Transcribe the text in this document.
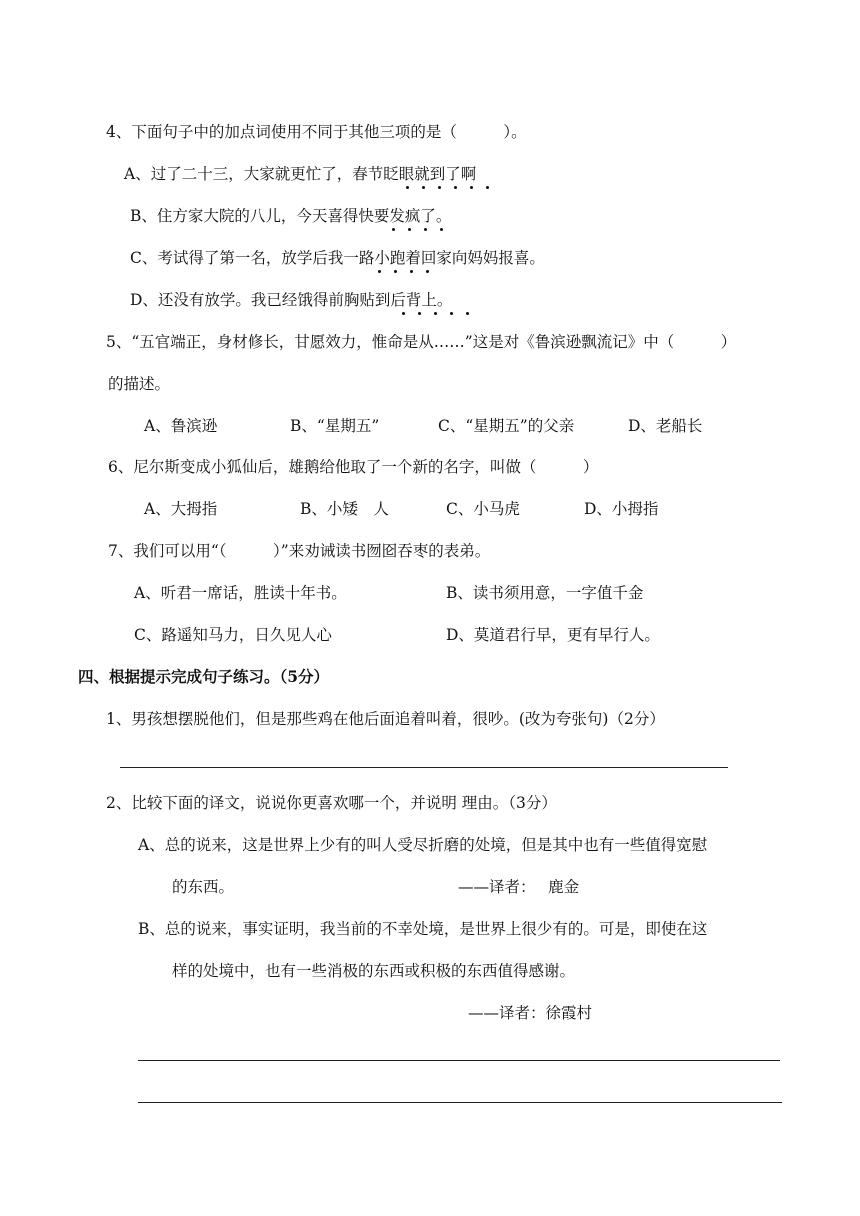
4、下面句子中的加点词使用不同于其他三项的是（　　　）。
A、过了二十三，大家就更忙了，春节眨眼就到了啊
B、住方家大院的八儿，今天喜得快要发疯了。
C、考试得了第一名，放学后我一路小跑着回家向妈妈报喜。
D、还没有放学。我已经饿得前胸贴到后背上。
5、“五官端正，身材修长，甘愿效力，惟命是从……”这是对《鲁滨逊飘流记》中（　　　）
的描述。
A、鲁滨逊	B、“星期五”	C、“星期五”的父亲	D、老船长
6、尼尔斯变成小狐仙后，雄鹅给他取了一个新的名字，叫做（　　　）
A、大拇指	B、小矮　人	C、小马虎	D、小拇指
7、我们可以用“（　　　）”来劝诫读书囫囵吞枣的表弟。
A、听君一席话，胜读十年书。	B、读书须用意，一字值千金
C、路遥知马力，日久见人心	D、莫道君行早，更有早行人。
四、根据提示完成句子练习。（5分）
1、男孩想摆脱他们，但是那些鸡在他后面追着叫着，很吵。(改为夸张句)（2分）
2、比较下面的译文，说说你更喜欢哪一个，并说明 理由。（3分）
A、总的说来，这是世界上少有的叫人受尽折磨的处境，但是其中也有一些值得宽慰
的东西。	——译者：　 鹿金
B、总的说来，事实证明，我当前的不幸处境，是世界上很少有的。可是，即使在这
样的处境中，也有一些消极的东西或积极的东西值得感谢。
——译者：徐霞村
